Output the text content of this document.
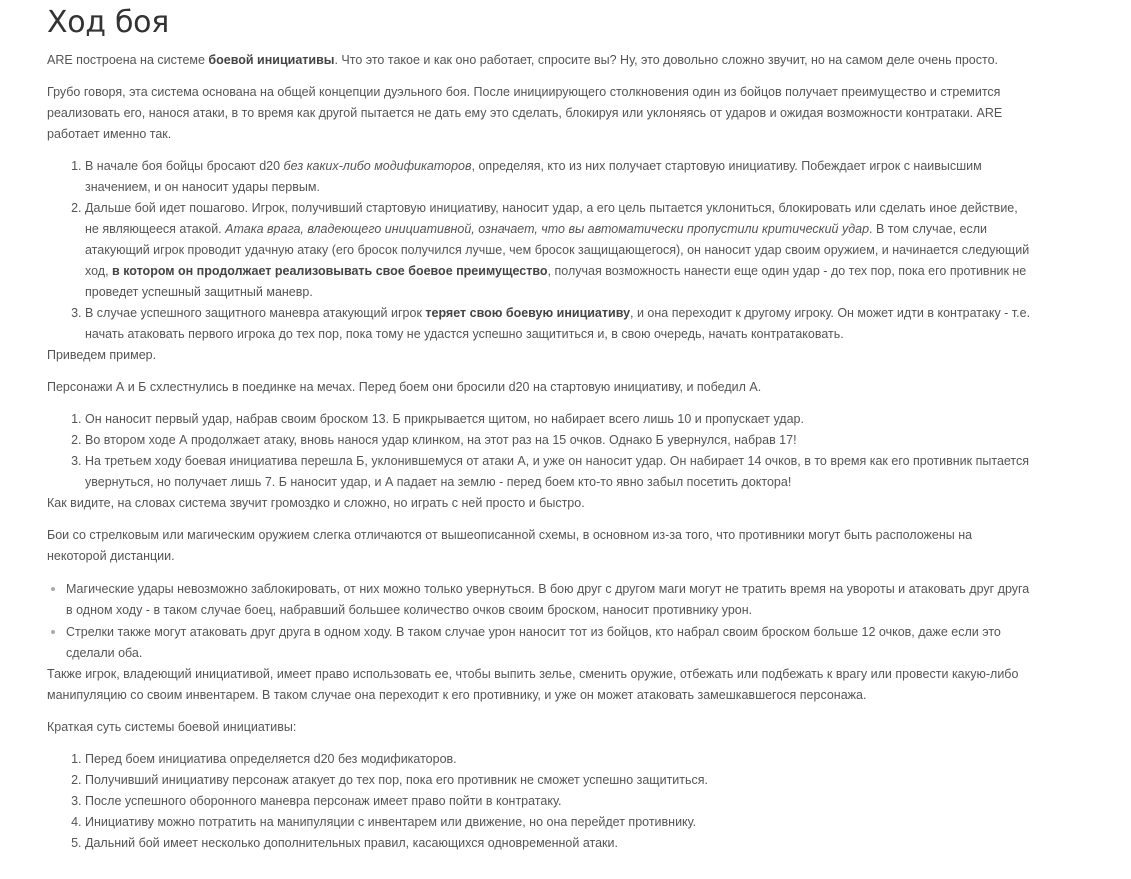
Ход боя

ARE построена на системе боевой инициативы. Что это такое и как оно работает, спросите вы? Ну, это довольно сложно звучит, но на самом деле очень просто.

Грубо говоря, эта система основана на общей концепции дуэльного боя. После инициирующего столкновения один из бойцов получает преимущество и стремится реализовать его, нанося атаки, в то время как другой пытается не дать ему это сделать, блокируя или уклоняясь от ударов и ожидая возможности контратаки. ARE работает именно так.

1. В начале боя бойцы бросают d20 без каких-либо модификаторов, определяя, кто из них получает стартовую инициативу. Побеждает игрок с наивысшим значением, и он наносит удары первым.
2. Дальше бой идет пошагово. Игрок, получивший стартовую инициативу, наносит удар, а его цель пытается уклониться, блокировать или сделать иное действие, не являющееся атакой. Атака врага, владеющего инициативной, означает, что вы автоматически пропустили критический удар. В том случае, если атакующий игрок проводит удачную атаку (его бросок получился лучше, чем бросок защищающегося), он наносит удар своим оружием, и начинается следующий ход, в котором он продолжает реализовывать свое боевое преимущество, получая возможность нанести еще один удар - до тех пор, пока его противник не проведет успешный защитный маневр.
3. В случае успешного защитного маневра атакующий игрок теряет свою боевую инициативу, и она переходит к другому игроку. Он может идти в контратаку - т.е. начать атаковать первого игрока до тех пор, пока тому не удастся успешно защититься и, в свою очередь, начать контратаковать.

Приведем пример.

Персонажи А и Б схлестнулись в поединке на мечах. Перед боем они бросили d20 на стартовую инициативу, и победил А.

1. Он наносит первый удар, набрав своим броском 13. Б прикрывается щитом, но набирает всего лишь 10 и пропускает удар.
2. Во втором ходе А продолжает атаку, вновь нанося удар клинком, на этот раз на 15 очков. Однако Б увернулся, набрав 17!
3. На третьем ходу боевая инициатива перешла Б, уклонившемуся от атаки А, и уже он наносит удар. Он набирает 14 очков, в то время как его противник пытается увернуться, но получает лишь 7. Б наносит удар, и А падает на землю - перед боем кто-то явно забыл посетить доктора!

Как видите, на словах система звучит громоздко и сложно, но играть с ней просто и быстро.

Бои со стрелковым или магическим оружием слегка отличаются от вышеописанной схемы, в основном из-за того, что противники могут быть расположены на некоторой дистанции.

• Магические удары невозможно заблокировать, от них можно только увернуться. В бою друг с другом маги могут не тратить время на увороты и атаковать друг друга в одном ходу - в таком случае боец, набравший большее количество очков своим броском, наносит противнику урон.
• Стрелки также могут атаковать друг друга в одном ходу. В таком случае урон наносит тот из бойцов, кто набрал своим броском больше 12 очков, даже если это сделали оба.

Также игрок, владеющий инициативой, имеет право использовать ее, чтобы выпить зелье, сменить оружие, отбежать или подбежать к врагу или провести какую-либо манипуляцию со своим инвентарем. В таком случае она переходит к его противнику, и уже он может атаковать замешкавшегося персонажа.

Краткая суть системы боевой инициативы:

1. Перед боем инициатива определяется d20 без модификаторов.
2. Получивший инициативу персонаж атакует до тех пор, пока его противник не сможет успешно защититься.
3. После успешного оборонного маневра персонаж имеет право пойти в контратаку.
4. Инициативу можно потратить на манипуляции с инвентарем или движение, но она перейдет противнику.
5. Дальний бой имеет несколько дополнительных правил, касающихся одновременной атаки.
